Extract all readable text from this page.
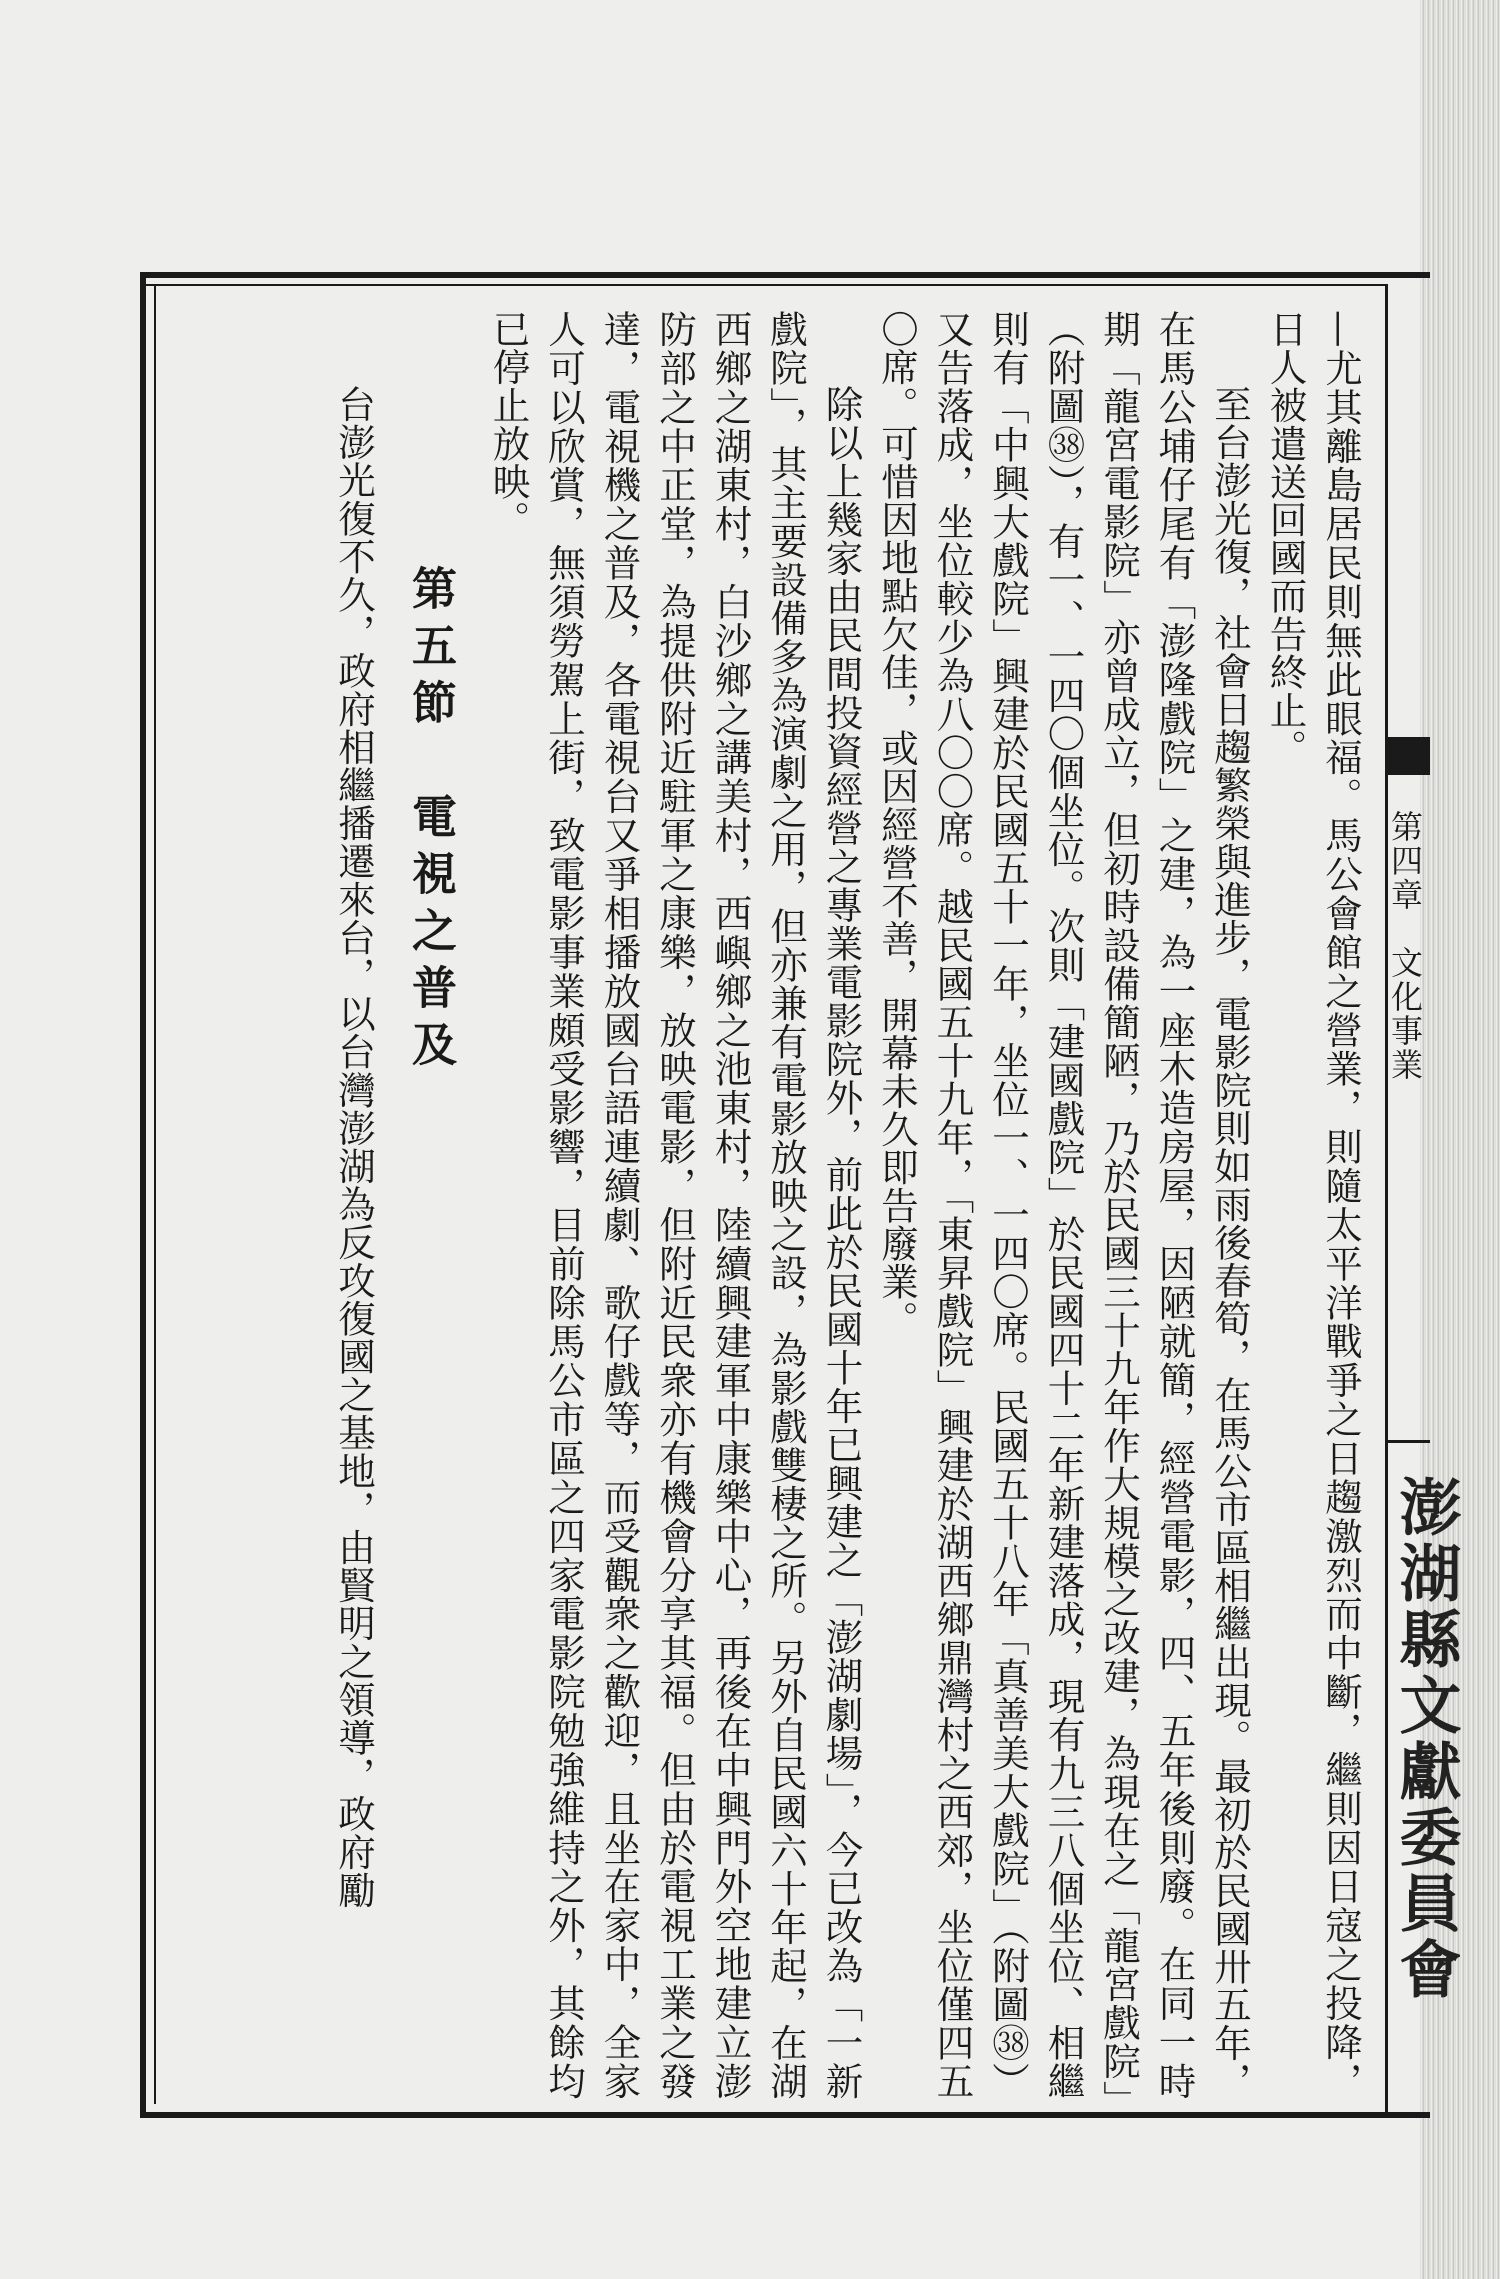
第四章　文化事業
澎湖縣文獻委員會

—尤其離島居民則無此眼福。馬公會館之營業，則隨太平洋戰爭之日趨激烈而中斷，繼則因日寇之投降，日人被遣送回國而告終止。

至台澎光復，社會日趨繁榮與進步，電影院則如雨後春筍，在馬公市區相繼出現。最初於民國卅五年，在馬公埔仔尾有「澎隆戲院」之建，為一座木造房屋，因陋就簡，經營電影，四、五年後則廢。在同一時期「龍宮電影院」亦曾成立，但初時設備簡陋，乃於民國三十九年作大規模之改建，為現在之「龍宮戲院」（附圖㊳），有一、一四〇個坐位。次則「建國戲院」於民國四十二年新建落成，現有九三八個坐位、相繼則有「中興大戲院」興建於民國五十一年，坐位一、一四〇席。民國五十八年「真善美大戲院」（附圖㊳）又告落成，坐位較少為八〇〇席。越民國五十九年，「東昇戲院」興建於湖西鄉鼎灣村之西郊，坐位僅四五〇席。可惜因地點欠佳，或因經營不善，開幕未久即告廢業。

除以上幾家由民間投資經營之專業電影院外，前此於民國十年已興建之「澎湖劇場」，今已改為「一新戲院」，其主要設備多為演劇之用，但亦兼有電影放映之設，為影戲雙棲之所。另外自民國六十年起，在湖西鄉之湖東村，白沙鄉之講美村，西嶼鄉之池東村，陸續興建軍中康樂中心，再後在中興門外空地建立澎防部之中正堂，為提供附近駐軍之康樂，放映電影，但附近民衆亦有機會分享其福。但由於電視工業之發達，電視機之普及，各電視台又爭相播放國台語連續劇、歌仔戲等，而受觀衆之歡迎，且坐在家中，全家人可以欣賞，無須勞駕上街，致電影事業頗受影響，目前除馬公市區之四家電影院勉強維持之外，其餘均已停止放映。

第五節　電視之普及

台澎光復不久，政府相繼播遷來台，以台灣澎湖為反攻復國之基地，由賢明之領導，政府勵
